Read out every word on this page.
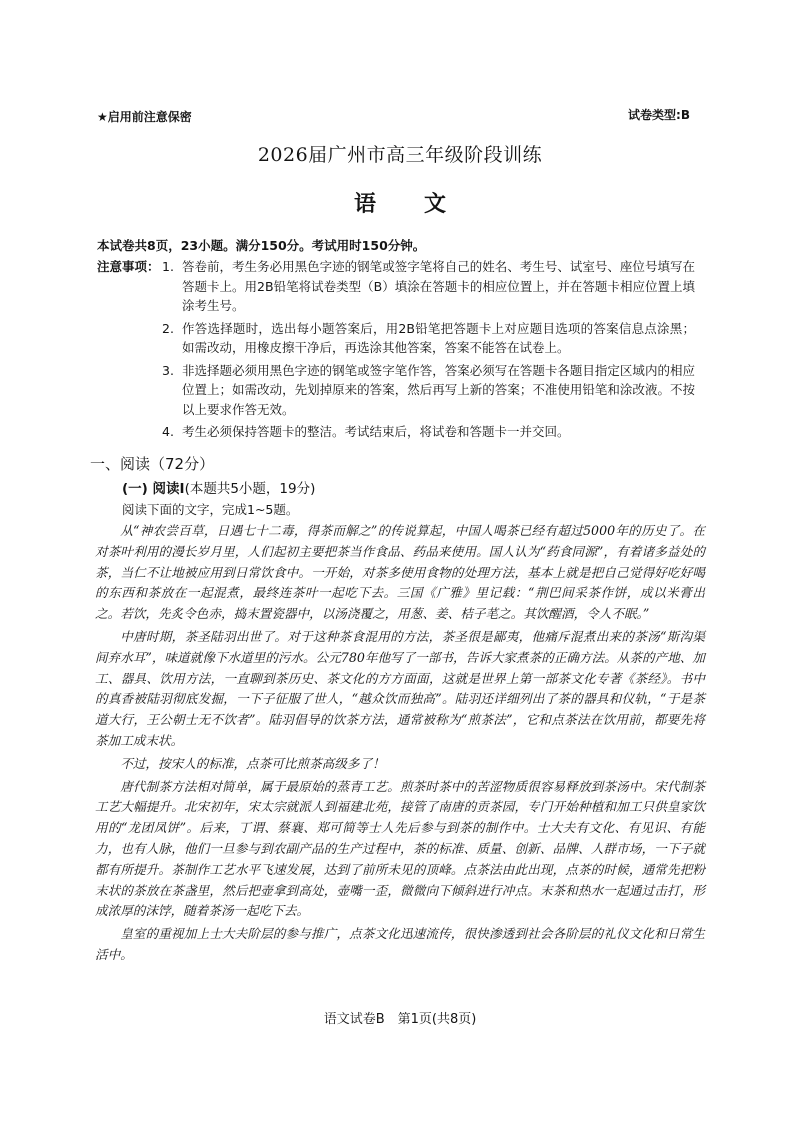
★启用前注意保密	试卷类型:B
2026届广州市高三年级阶段训练
语 文
本试卷共8页，23小题。满分150分。考试用时150分钟。
注意事项： 1. 答卷前，考生务必用黑色字迹的钢笔或签字笔将自己的姓名、考生号、试室号、座位号填写在答题卡上。用2B铅笔将试卷类型（B）填涂在答题卡的相应位置上，并在答题卡相应位置上填涂考生号。
2. 作答选择题时，选出每小题答案后，用2B铅笔把答题卡上对应题目选项的答案信息点涂黑；如需改动，用橡皮擦干净后，再选涂其他答案，答案不能答在试卷上。
3. 非选择题必须用黑色字迹的钢笔或签字笔作答，答案必须写在答题卡各题目指定区域内的相应位置上；如需改动，先划掉原来的答案，然后再写上新的答案；不准使用铅笔和涂改液。不按以上要求作答无效。
4. 考生必须保持答题卡的整洁。考试结束后，将试卷和答题卡一并交回。
一、阅读（72分）
(一) 阅读Ⅰ(本题共5小题，19分)
阅读下面的文字，完成1~5题。

从“神农尝百草，日遇七十二毒，得茶而解之”的传说算起，中国人喝茶已经有超过5000年的历史了。在对茶叶利用的漫长岁月里，人们起初主要把茶当作食品、药品来使用。国人认为“药食同源”，有着诸多益处的茶，当仁不让地被应用到日常饮食中。一开始，对茶多使用食物的处理方法，基本上就是把自己觉得好吃好喝的东西和茶放在一起混煮，最终连茶叶一起吃下去。三国《广雅》里记载：“荆巴间采茶作饼，成以米膏出之。若饮，先炙令色赤，捣末置瓷器中，以汤浇覆之，用葱、姜、桔子芼之。其饮醒酒，令人不眠。”

中唐时期，茶圣陆羽出世了。对于这种茶食混用的方法，茶圣很是鄙夷，他痛斥混煮出来的茶汤“斯沟渠间弃水耳”，味道就像下水道里的污水。公元780年他写了一部书，告诉大家煮茶的正确方法。从茶的产地、加工、器具、饮用方法，一直聊到茶历史、茶文化的方方面面，这就是世界上第一部茶文化专著《茶经》。书中的真香被陆羽彻底发掘，一下子征服了世人，“越众饮而独高”。陆羽还详细列出了茶的器具和仪轨，“于是茶道大行，王公朝士无不饮者”。陆羽倡导的饮茶方法，通常被称为“煎茶法”，它和点茶法在饮用前，都要先将茶加工成末状。

不过，按宋人的标准，点茶可比煎茶高级多了！

唐代制茶方法相对简单，属于最原始的蒸青工艺。煎茶时茶中的苦涩物质很容易释放到茶汤中。宋代制茶工艺大幅提升。北宋初年，宋太宗就派人到福建北苑，接管了南唐的贡茶园，专门开始种植和加工只供皇家饮用的“龙团凤饼”。后来，丁谓、蔡襄、郑可简等士人先后参与到茶的制作中。士大夫有文化、有见识、有能力，也有人脉，他们一旦参与到农副产品的生产过程中，茶的标准、质量、创新、品牌、人群市场，一下子就都有所提升。茶制作工艺水平飞速发展，达到了前所未见的顶峰。点茶法由此出现，点茶的时候，通常先把粉末状的茶放在茶盏里，然后把壶拿到高处，壶嘴一歪，微微向下倾斜进行冲点。末茶和热水一起通过击打，形成浓厚的沫饽，随着茶汤一起吃下去。

皇室的重视加上士大夫阶层的参与推广，点茶文化迅速流传，很快渗透到社会各阶层的礼仪文化和日常生活中。

语文试卷B　第1页(共8页)
